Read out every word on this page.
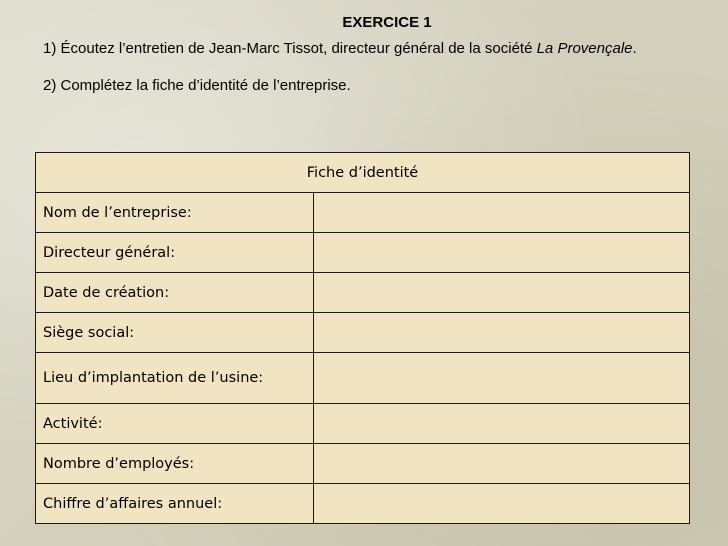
EXERCICE 1

1) Écoutez l’entretien de Jean-Marc Tissot, directeur général de la société La Provençale.

2) Complétez la fiche d’identité de l’entreprise.

Fiche d’identité	
Nom de l’entreprise:	
Directeur général:	
Date de création:	
Siège social:	
Lieu d’implantation de l’usine:	
Activité:	
Nombre d’employés:	
Chiffre d’affaires annuel:	
